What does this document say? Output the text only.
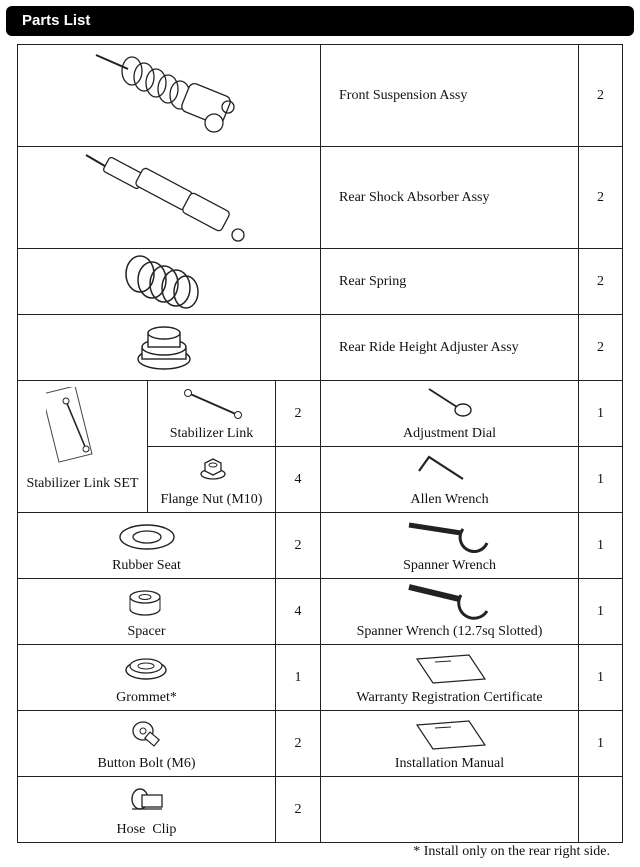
Parts List

Front Suspension Assy	2

Rear Shock Absorber Assy	2

Rear Spring	2

Rear Ride Height Adjuster Assy	2

Stabilizer Link SET	Stabilizer Link	2	Adjustment Dial	1

	Flange Nut (M10)	4	Allen Wrench	1

Rubber Seat		2	Spanner Wrench	1

Spacer		4	Spanner Wrench (12.7sq Slotted)	1

Grommet*		1	Warranty Registration Certificate	1

Button Bolt (M6)		2	Installation Manual	1

Hose  Clip		2		

* Install only on the rear right side.
